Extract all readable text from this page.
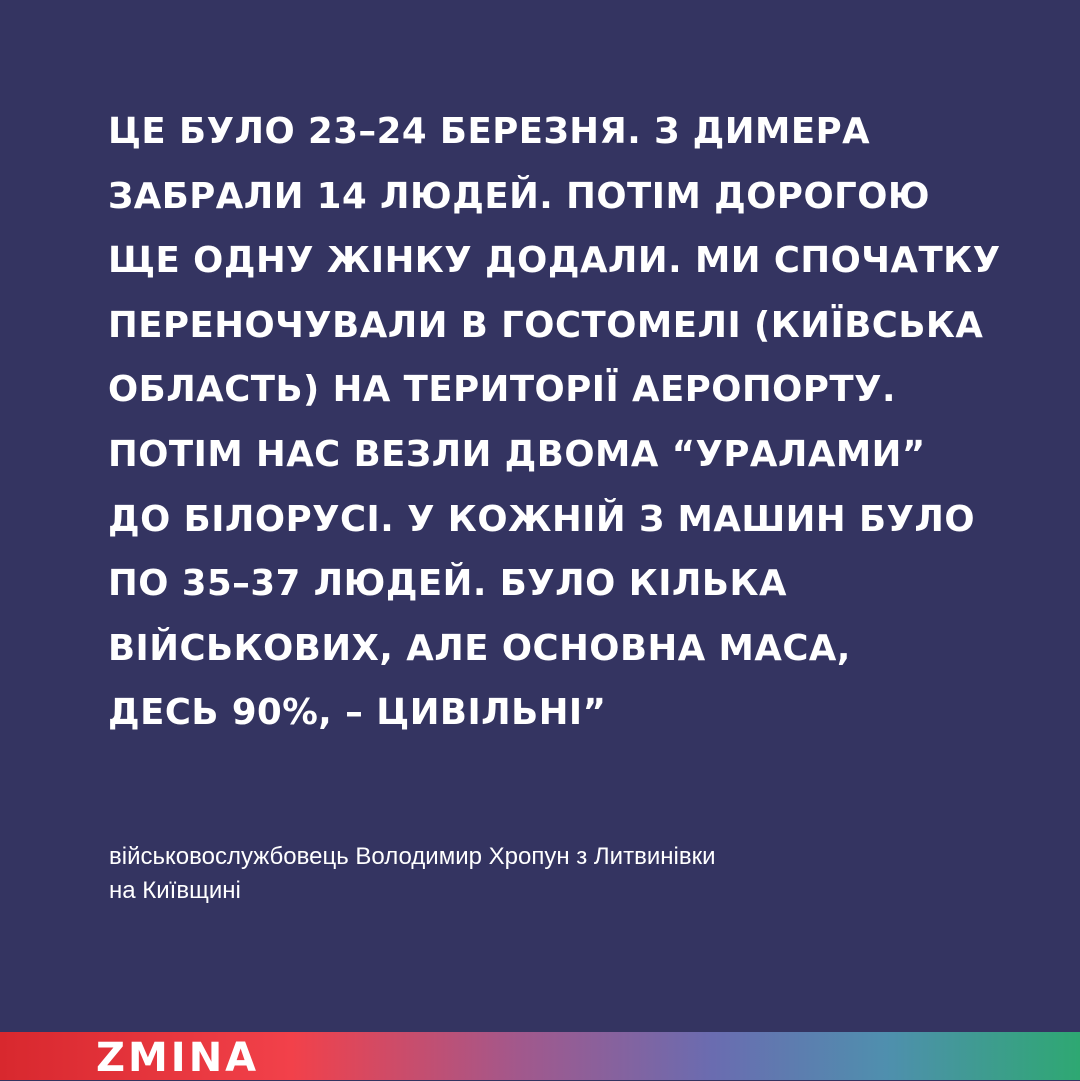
ЦЕ БУЛО 23–24 БЕРЕЗНЯ. З ДИМЕРА
ЗАБРАЛИ 14 ЛЮДЕЙ. ПОТІМ ДОРОГОЮ
ЩЕ ОДНУ ЖІНКУ ДОДАЛИ. МИ СПОЧАТКУ
ПЕРЕНОЧУВАЛИ В ГОСТОМЕЛІ (КИЇВСЬКА
ОБЛАСТЬ) НА ТЕРИТОРІЇ АЕРОПОРТУ.
ПОТІМ НАС ВЕЗЛИ ДВОМА “УРАЛАМИ”
ДО БІЛОРУСІ. У КОЖНІЙ З МАШИН БУЛО
ПО 35–37 ЛЮДЕЙ. БУЛО КІЛЬКА
ВІЙСЬКОВИХ, АЛЕ ОСНОВНА МАСА,
ДЕСЬ 90%, – ЦИВІЛЬНІ”
військовослужбовець Володимир Хропун з Литвинівки
на Київщині
ZMINA
